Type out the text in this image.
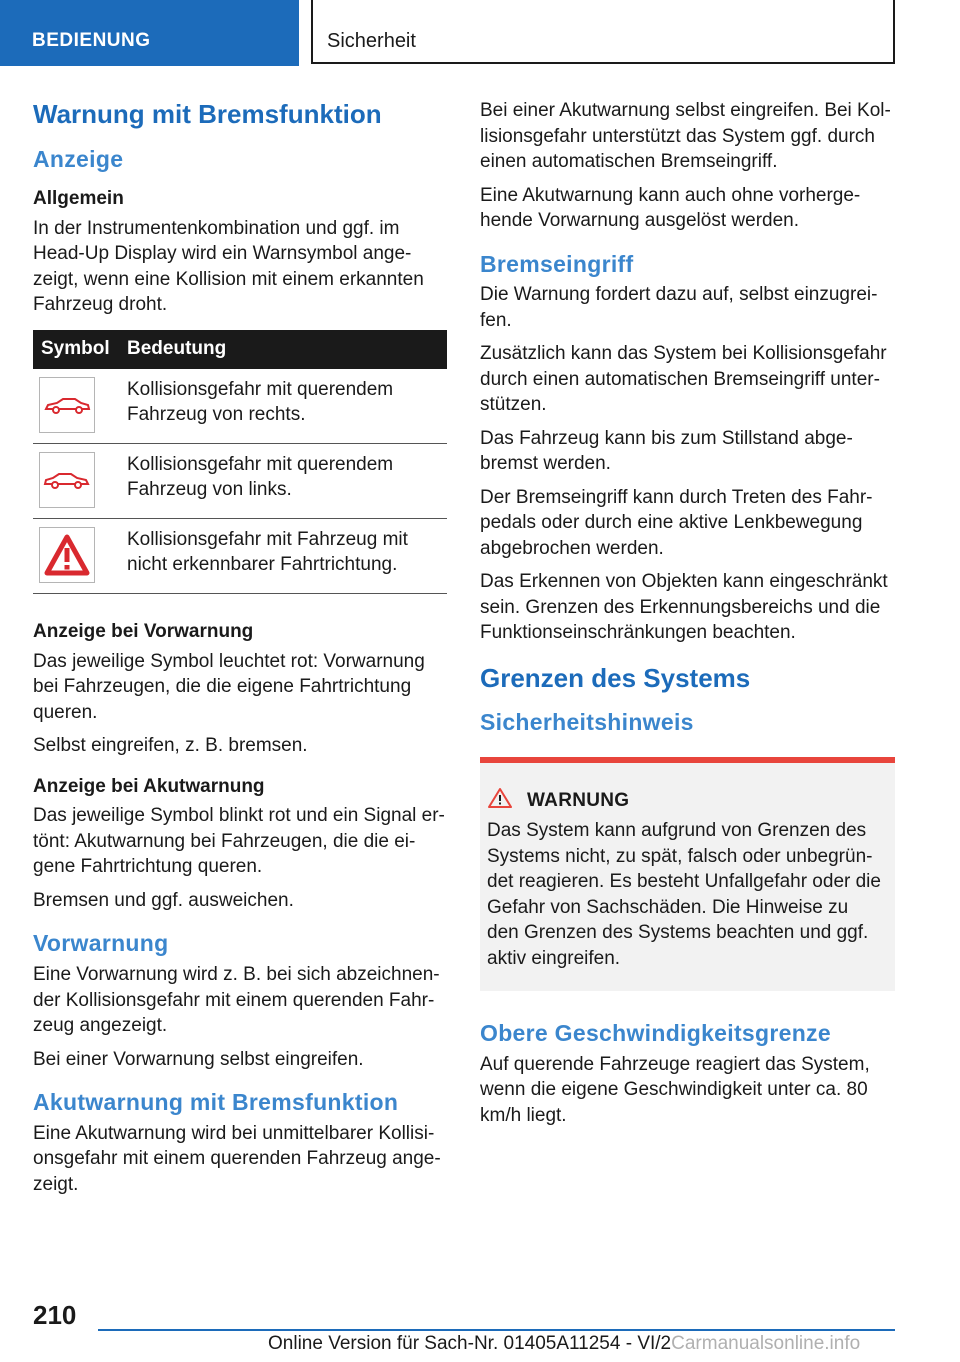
BEDIENUNG	Sicherheit
Warnung mit Bremsfunktion
Anzeige
Allgemein

In der Instrumentenkombination und ggf. im Head-Up Display wird ein Warnsymbol ange‐zeigt, wenn eine Kollision mit einem erkannten Fahrzeug droht.

Symbol	Bedeutung

	Kollisionsgefahr mit querendem Fahrzeug von rechts.

	Kollisionsgefahr mit querendem Fahrzeug von links.

	Kollisionsgefahr mit Fahrzeug mit nicht erkennbarer Fahrtrichtung.
Anzeige bei Vorwarnung

Das jeweilige Symbol leuchtet rot: Vorwarnung bei Fahrzeugen, die die eigene Fahrtrichtung queren.

Selbst eingreifen, z. B. bremsen.

Anzeige bei Akutwarnung

Das jeweilige Symbol blinkt rot und ein Signal er‐tönt: Akutwarnung bei Fahrzeugen, die die ei‐gene Fahrtrichtung queren.

Bremsen und ggf. ausweichen.

Vorwarnung

Eine Vorwarnung wird z. B. bei sich abzeichnen‐der Kollisionsgefahr mit einem querenden Fahr‐zeug angezeigt.

Bei einer Vorwarnung selbst eingreifen.

Akutwarnung mit Bremsfunktion

Eine Akutwarnung wird bei unmittelbarer Kollisi‐onsgefahr mit einem querenden Fahrzeug ange‐zeigt.

Bei einer Akutwarnung selbst eingreifen. Bei Kol‐lisionsgefahr unterstützt das System ggf. durch einen automatischen Bremseingriff.

Eine Akutwarnung kann auch ohne vorherge‐hende Vorwarnung ausgelöst werden.

Bremseingriff

Die Warnung fordert dazu auf, selbst einzugrei‐fen.

Zusätzlich kann das System bei Kollisionsgefahr durch einen automatischen Bremseingriff unter‐stützen.

Das Fahrzeug kann bis zum Stillstand abge‐bremst werden.

Der Bremseingriff kann durch Treten des Fahr‐pedals oder durch eine aktive Lenkbewegung abgebrochen werden.

Das Erkennen von Objekten kann eingeschränkt sein. Grenzen des Erkennungsbereichs und die Funktionseinschränkungen beachten.

Grenzen des Systems
Sicherheitshinweis
WARNUNG

Das System kann aufgrund von Grenzen des Systems nicht, zu spät, falsch oder unbegrün‐det reagieren. Es besteht Unfallgefahr oder die Gefahr von Sachschäden. Die Hinweise zu den Grenzen des Systems beachten und ggf. aktiv eingreifen.

Obere Geschwindigkeitsgrenze

Auf querende Fahrzeuge reagiert das System, wenn die eigene Geschwindigkeit unter ca. 80 km/h liegt.

210
Online Version für Sach-Nr. 01405A11254 - VI/2Carmanualsonline.info
